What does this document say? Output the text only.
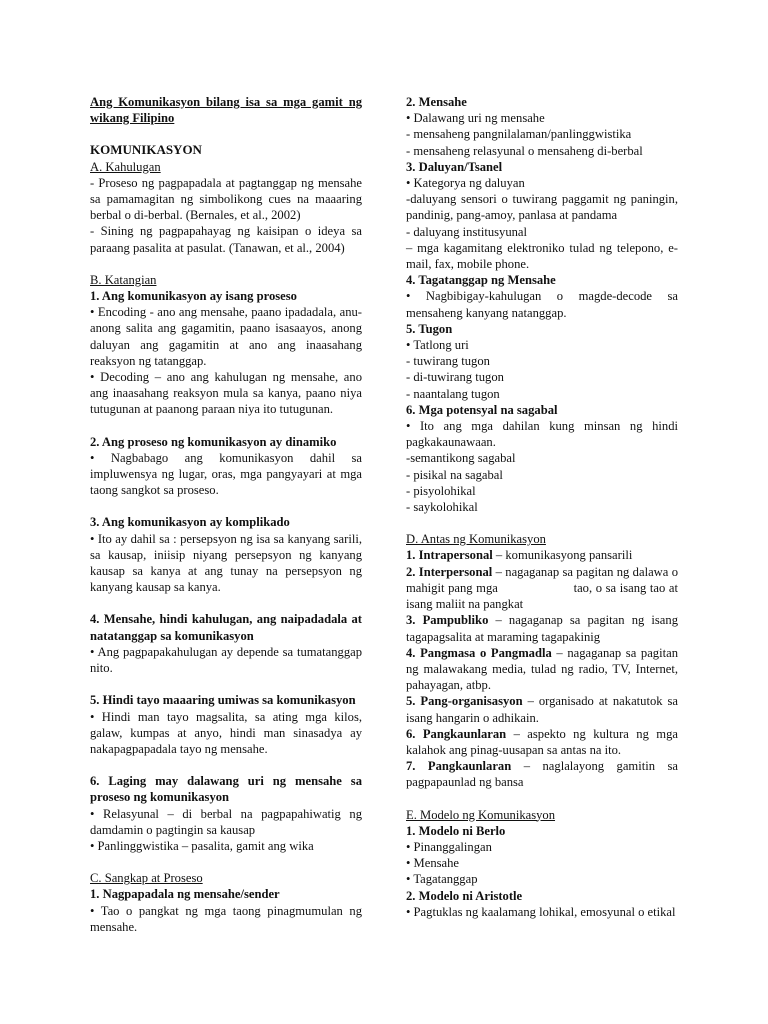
Ang Komunikasyon bilang isa sa mga gamit ng wikang Filipino

KOMUNIKASYON

A. Kahulugan

- Proseso ng pagpapadala at pagtanggap ng mensahe sa pamamagitan ng simbolikong cues na maaaring berbal o di-berbal. (Bernales, et al., 2002)

- Sining ng pagpapahayag ng kaisipan o ideya sa paraang pasalita at pasulat. (Tanawan, et al., 2004)

B. Katangian

1. Ang komunikasyon ay isang proseso

• Encoding - ano ang mensahe, paano ipadadala, anu-anong salita ang gagamitin, paano isasaayos, anong daluyan ang gagamitin at ano ang inaasahang reaksyon ng tatanggap.

• Decoding – ano ang kahulugan ng mensahe, ano ang inaasahang reaksyon mula sa kanya, paano niya tutugunan at paanong paraan niya ito tutugunan.

2. Ang proseso ng komunikasyon ay dinamiko

• Nagbabago ang komunikasyon dahil sa impluwensya ng lugar, oras, mga pangyayari at mga taong sangkot sa proseso.

3. Ang komunikasyon ay komplikado

• Ito ay dahil sa : persepsyon ng isa sa kanyang sarili, sa kausap, iniisip niyang persepsyon ng kanyang kausap sa kanya at ang tunay na persepsyon ng kanyang kausap sa kanya.

4. Mensahe, hindi kahulugan, ang naipadadala at natatanggap sa komunikasyon

• Ang pagpapakahulugan ay depende sa tumatanggap nito.

5. Hindi tayo maaaring umiwas sa komunikasyon

• Hindi man tayo magsalita, sa ating mga kilos, galaw, kumpas at anyo, hindi man sinasadya ay nakapagpapadala tayo ng mensahe.

6. Laging may dalawang uri ng mensahe sa proseso ng komunikasyon

• Relasyunal – di berbal na pagpapahiwatig ng damdamin o pagtingin sa kausap

• Panlinggwistika – pasalita, gamit ang wika

C. Sangkap at Proseso

1. Nagpapadala ng mensahe/sender

• Tao o pangkat ng mga taong pinagmumulan ng mensahe.

2. Mensahe

• Dalawang uri ng mensahe

- mensaheng pangnilalaman/panlinggwistika

- mensaheng relasyunal o mensaheng di-berbal

3. Daluyan/Tsanel

• Kategorya ng daluyan

-daluyang sensori o tuwirang paggamit ng paningin, pandinig, pang-amoy, panlasa at pandama

- daluyang institusyunal

– mga kagamitang elektroniko tulad ng telepono, e-mail, fax, mobile phone.

4. Tagatanggap ng Mensahe

• Nagbibigay-kahulugan o magde-decode sa mensaheng kanyang natanggap.

5. Tugon

• Tatlong uri

- tuwirang tugon

- di-tuwirang tugon

- naantalang tugon

6. Mga potensyal na sagabal

• Ito ang mga dahilan kung minsan ng hindi pagkakaunawaan.

-semantikong sagabal

- pisikal na sagabal

- pisyolohikal

- saykolohikal

D. Antas ng Komunikasyon

1. Intrapersonal – komunikasyong pansarili

2. Interpersonal – nagaganap sa pagitan ng dalawa o mahigit pang mga                     tao, o sa isang tao at isang maliit na pangkat

3. Pampubliko – nagaganap sa pagitan ng isang tagapagsalita at maraming tagapakinig

4. Pangmasa o Pangmadla – nagaganap sa pagitan ng malawakang media, tulad ng radio, TV, Internet, pahayagan, atbp.

5. Pang-organisasyon – organisado at nakatutok sa isang hangarin o adhikain.

6. Pangkaunlaran – aspekto ng kultura ng mga kalahok ang pinag-uusapan sa antas na ito.

7. Pangkaunlaran – naglalayong gamitin sa pagpapaunlad ng bansa

E. Modelo ng Komunikasyon

1. Modelo ni Berlo

• Pinanggalingan

• Mensahe

• Tagatanggap

2. Modelo ni Aristotle

• Pagtuklas ng kaalamang lohikal, emosyunal o etikal
